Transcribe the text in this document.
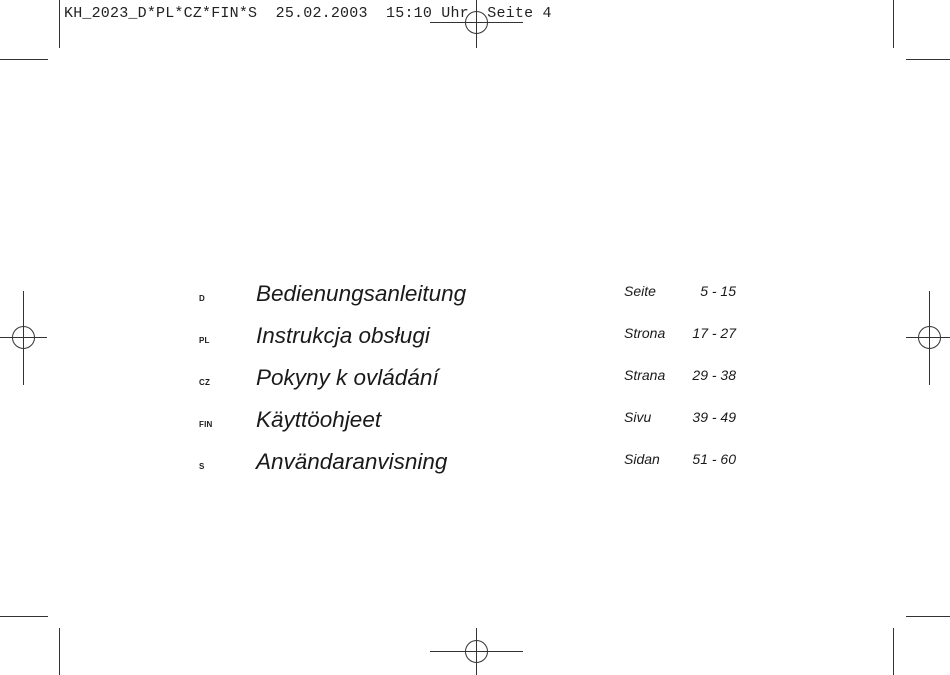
KH_2023_D*PL*CZ*FIN*S  25.02.2003  15:10 Uhr  Seite 4
D Bedienungsanleitung	Seite	5 - 15
PL Instrukcja obsługi	Strona 17 - 27
CZ Pokyny k ovládání	Strana 29 - 38
FIN Käyttöohjeet	Sivu	39 - 49
S Användaranvisning	Sidan 51 - 60
